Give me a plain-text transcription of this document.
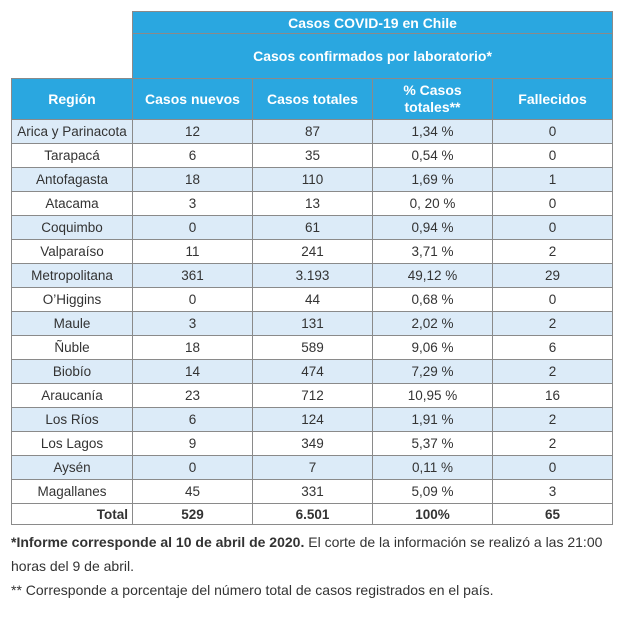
	Casos COVID-19 en Chile			
	Casos confirmados por laboratorio*			
Región	Casos nuevos	Casos totales	% Casos totales**	Fallecidos
Arica y Parinacota	12	87	1,34 %	0
Tarapacá	6	35	0,54 %	0
Antofagasta	18	110	1,69 %	1
Atacama	3	13	0, 20 %	0
Coquimbo	0	61	0,94 %	0
Valparaíso	11	241	3,71 %	2
Metropolitana	361	3.193	49,12 %	29
O’Higgins	0	44	0,68 %	0
Maule	3	131	2,02 %	2
Ñuble	18	589	9,06 %	6
Biobío	14	474	7,29 %	2
Araucanía	23	712	10,95 %	16
Los Ríos	6	124	1,91 %	2
Los Lagos	9	349	5,37 %	2
Aysén	0	7	0,11 %	0
Magallanes	45	331	5,09 %	3
Total	529	6.501	100%	65

*Informe corresponde al 10 de abril de 2020. El corte de la información se realizó a las 21:00 horas del 9 de abril.

** Corresponde a porcentaje del número total de casos registrados en el país.
